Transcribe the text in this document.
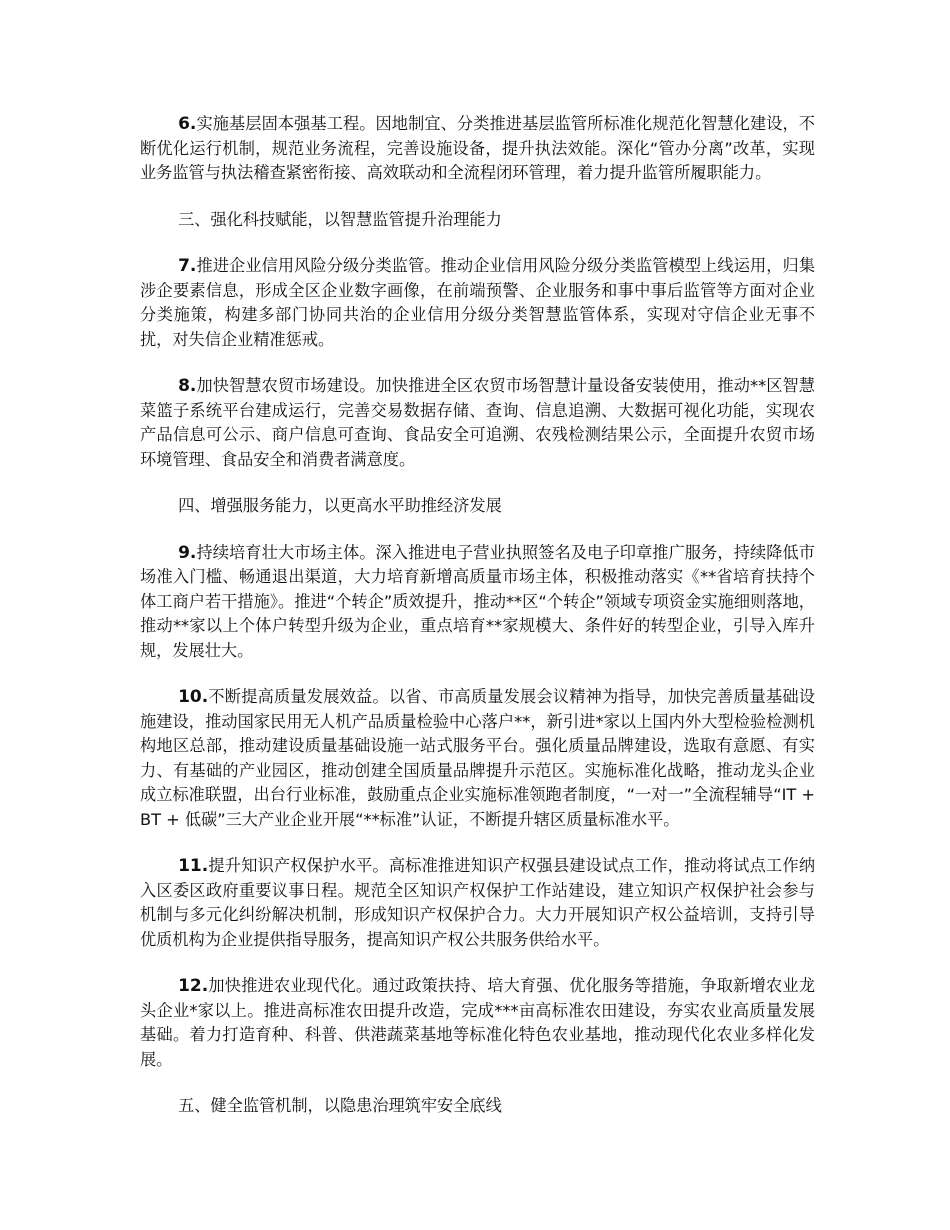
6.实施基层固本强基工程。因地制宜、分类推进基层监管所标准化规范化智慧化建设，不断优化运行机制，规范业务流程，完善设施设备，提升执法效能。深化“管办分离”改革，实现业务监管与执法稽查紧密衔接、高效联动和全流程闭环管理，着力提升监管所履职能力。

三、强化科技赋能，以智慧监管提升治理能力

7.推进企业信用风险分级分类监管。推动企业信用风险分级分类监管模型上线运用，归集涉企要素信息，形成全区企业数字画像，在前端预警、企业服务和事中事后监管等方面对企业分类施策，构建多部门协同共治的企业信用分级分类智慧监管体系，实现对守信企业无事不扰，对失信企业精准惩戒。

8.加快智慧农贸市场建设。加快推进全区农贸市场智慧计量设备安装使用，推动**区智慧菜篮子系统平台建成运行，完善交易数据存储、查询、信息追溯、大数据可视化功能，实现农产品信息可公示、商户信息可查询、食品安全可追溯、农残检测结果公示，全面提升农贸市场环境管理、食品安全和消费者满意度。

四、增强服务能力，以更高水平助推经济发展

9.持续培育壮大市场主体。深入推进电子营业执照签名及电子印章推广服务，持续降低市场准入门槛、畅通退出渠道，大力培育新增高质量市场主体，积极推动落实《**省培育扶持个体工商户若干措施》。推进“个转企”质效提升，推动**区“个转企”领域专项资金实施细则落地，推动**家以上个体户转型升级为企业，重点培育**家规模大、条件好的转型企业，引导入库升规，发展壮大。

10.不断提高质量发展效益。以省、市高质量发展会议精神为指导，加快完善质量基础设施建设，推动国家民用无人机产品质量检验中心落户**，新引进*家以上国内外大型检验检测机构地区总部，推动建设质量基础设施一站式服务平台。强化质量品牌建设，选取有意愿、有实力、有基础的产业园区，推动创建全国质量品牌提升示范区。实施标准化战略，推动龙头企业成立标准联盟，出台行业标准，鼓励重点企业实施标准领跑者制度，“一对一”全流程辅导“IT + BT + 低碳”三大产业企业开展“**标准”认证，不断提升辖区质量标准水平。

11.提升知识产权保护水平。高标准推进知识产权强县建设试点工作，推动将试点工作纳入区委区政府重要议事日程。规范全区知识产权保护工作站建设，建立知识产权保护社会参与机制与多元化纠纷解决机制，形成知识产权保护合力。大力开展知识产权公益培训，支持引导优质机构为企业提供指导服务，提高知识产权公共服务供给水平。

12.加快推进农业现代化。通过政策扶持、培大育强、优化服务等措施，争取新增农业龙头企业*家以上。推进高标准农田提升改造，完成***亩高标准农田建设，夯实农业高质量发展基础。着力打造育种、科普、供港蔬菜基地等标准化特色农业基地，推动现代化农业多样化发展。

五、健全监管机制，以隐患治理筑牢安全底线
